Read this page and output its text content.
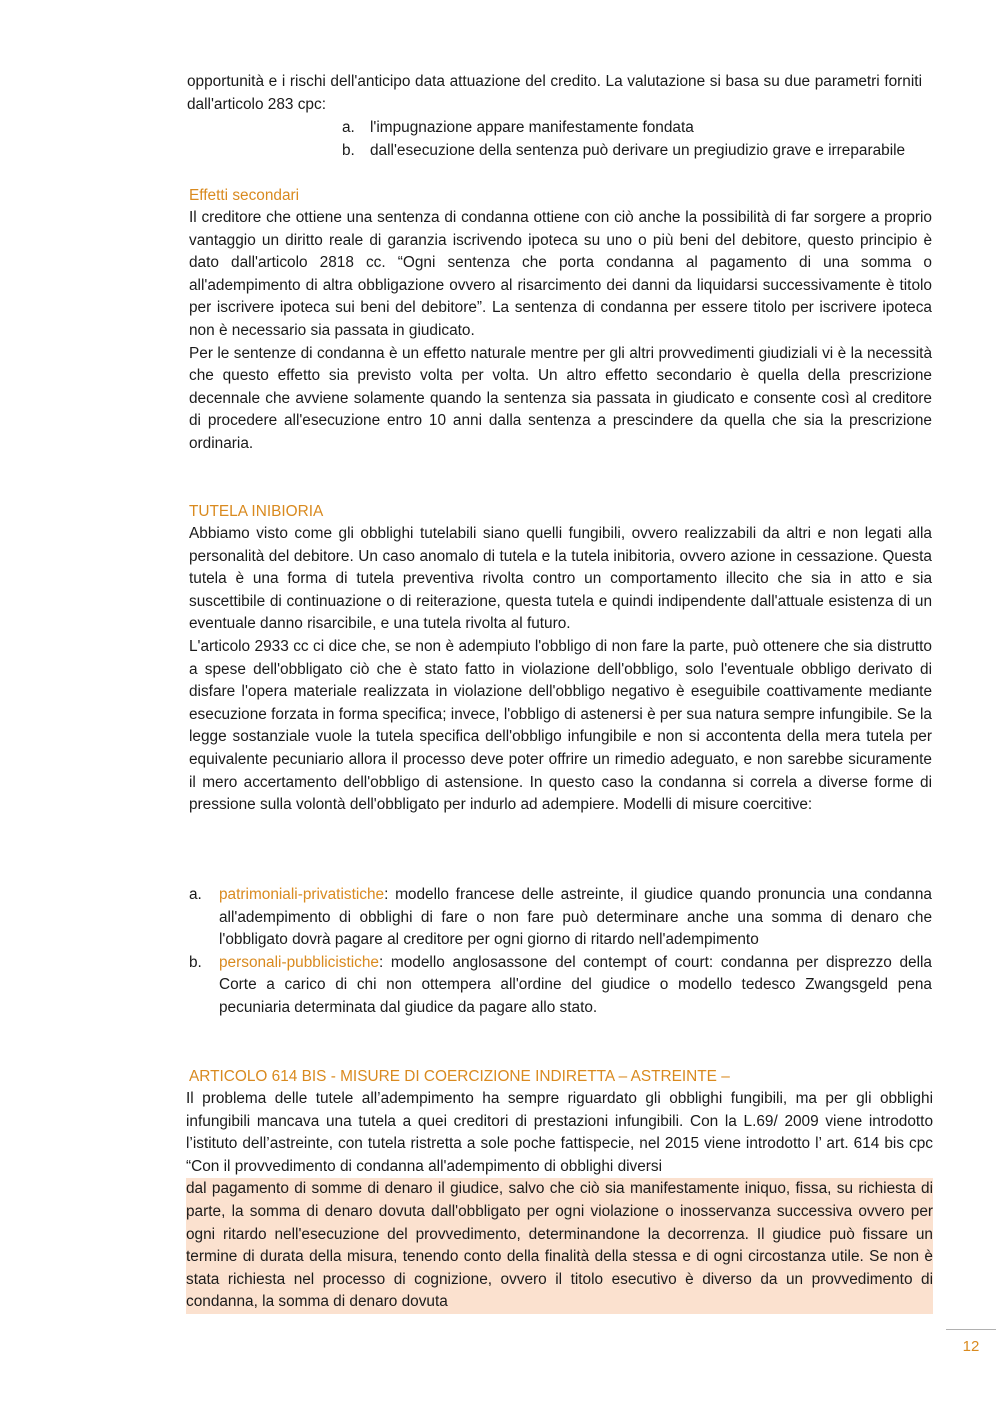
opportunità e i rischi dell'anticipo data attuazione del credito. La valutazione si basa su due parametri forniti dall'articolo 283 cpc:
a. l'impugnazione appare manifestamente fondata
b. dall'esecuzione della sentenza può derivare un pregiudizio grave e irreparabile
Effetti secondari
Il creditore che ottiene una sentenza di condanna ottiene con ciò anche la possibilità di far sorgere a proprio vantaggio un diritto reale di garanzia iscrivendo ipoteca su uno o più beni del debitore, questo principio è dato dall'articolo 2818 cc. “Ogni sentenza che porta condanna al pagamento di una somma o all'adempimento di altra obbligazione ovvero al risarcimento dei danni da liquidarsi successivamente è titolo per iscrivere ipoteca sui beni del debitore”. La sentenza di condanna per essere titolo per iscrivere ipoteca non è necessario sia passata in giudicato.
Per le sentenze di condanna è un effetto naturale mentre per gli altri provvedimenti giudiziali vi è la necessità che questo effetto sia previsto volta per volta. Un altro effetto secondario è quella della prescrizione decennale che avviene solamente quando la sentenza sia passata in giudicato e consente così al creditore di procedere all'esecuzione entro 10 anni dalla sentenza a prescindere da quella che sia la prescrizione ordinaria.
TUTELA INIBIORIA
Abbiamo visto come gli obblighi tutelabili siano quelli fungibili, ovvero realizzabili da altri e non legati alla personalità del debitore. Un caso anomalo di tutela e la tutela inibitoria, ovvero azione in cessazione. Questa tutela è una forma di tutela preventiva rivolta contro un comportamento illecito che sia in atto e sia suscettibile di continuazione o di reiterazione, questa tutela e quindi indipendente dall'attuale esistenza di un eventuale danno risarcibile, e una tutela rivolta al futuro.
L'articolo 2933 cc ci dice che, se non è adempiuto l'obbligo di non fare la parte, può ottenere che sia distrutto a spese dell'obbligato ciò che è stato fatto in violazione dell'obbligo, solo l'eventuale obbligo derivato di disfare l'opera materiale realizzata in violazione dell'obbligo negativo è eseguibile coattivamente mediante esecuzione forzata in forma specifica; invece, l'obbligo di astenersi è per sua natura sempre infungibile. Se la legge sostanziale vuole la tutela specifica dell'obbligo infungibile e non si accontenta della mera tutela per equivalente pecuniario allora il processo deve poter offrire un rimedio adeguato, e non sarebbe sicuramente il mero accertamento dell'obbligo di astensione. In questo caso la condanna si correla a diverse forme di pressione sulla volontà dell'obbligato per indurlo ad adempiere. Modelli di misure coercitive:
a. patrimoniali-privatistiche: modello francese delle astreinte, il giudice quando pronuncia una condanna all'adempimento di obblighi di fare o non fare può determinare anche una somma di denaro che l'obbligato dovrà pagare al creditore per ogni giorno di ritardo nell'adempimento
b. personali-pubblicistiche: modello anglosassone del contempt of court: condanna per disprezzo della Corte a carico di chi non ottempera all'ordine del giudice o modello tedesco Zwangsgeld pena pecuniaria determinata dal giudice da pagare allo stato.
ARTICOLO 614 BIS - MISURE DI COERCIZIONE INDIRETTA – ASTREINTE –
Il problema delle tutele all’adempimento ha sempre riguardato gli obblighi fungibili, ma per gli obblighi infungibili mancava una tutela a quei creditori di prestazioni infungibili. Con la L.69/ 2009 viene introdotto l’istituto dell’astreinte, con tutela ristretta a sole poche fattispecie, nel 2015 viene introdotto l’ art. 614 bis cpc “Con il provvedimento di condanna all'adempimento di obblighi diversi
dal pagamento di somme di denaro il giudice, salvo che ciò sia manifestamente iniquo, fissa, su richiesta di parte, la somma di denaro dovuta dall'obbligato per ogni violazione o inosservanza successiva ovvero per ogni ritardo nell'esecuzione del provvedimento, determinandone la decorrenza. Il giudice può fissare un termine di durata della misura, tenendo conto della finalità della stessa e di ogni circostanza utile. Se non è stata richiesta nel processo di cognizione, ovvero il titolo esecutivo è diverso da un provvedimento di condanna, la somma di denaro dovuta
12
